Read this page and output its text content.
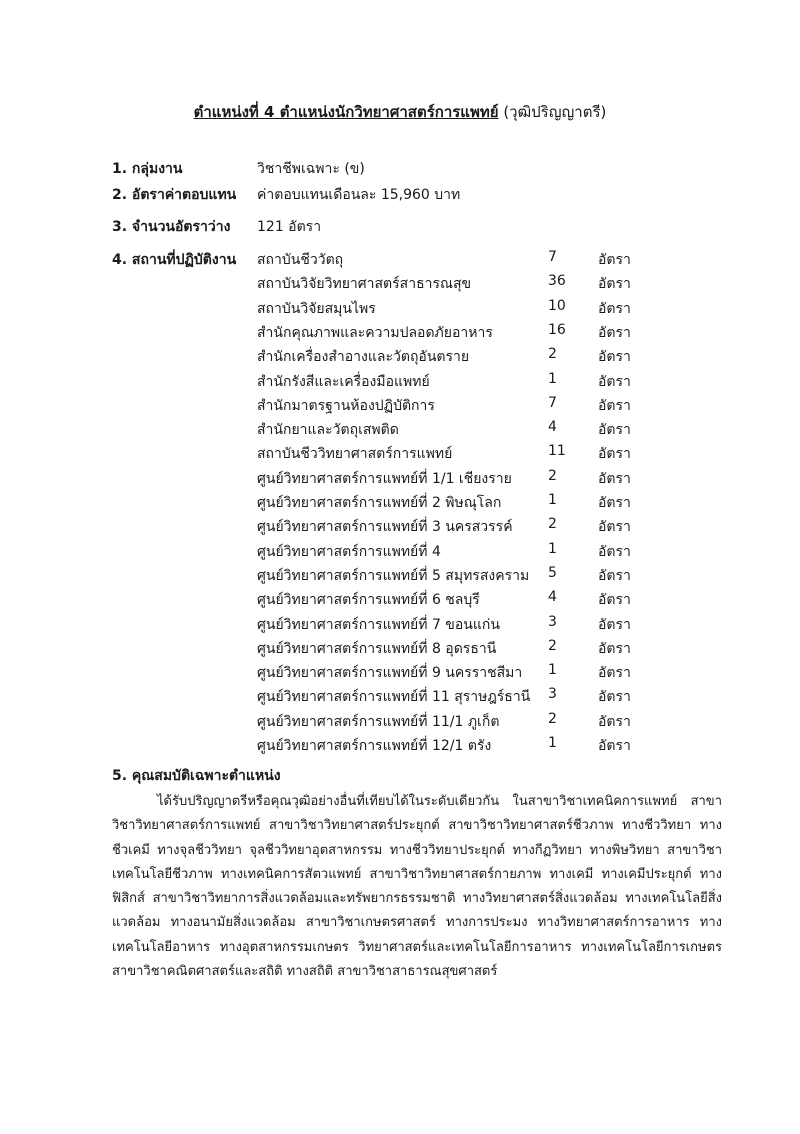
ตำแหน่งที่ 4 ตำแหน่งนักวิทยาศาสตร์การแพทย์ (วุฒิปริญญาตรี)
1. กลุ่มงาน	วิชาชีพเฉพาะ (ข)
2. อัตราค่าตอบแทน ค่าตอบแทนเดือนละ 15,960 บาท
3. จำนวนอัตราว่าง 121 อัตรา
4. สถานที่ปฏิบัติงาน สถาบันชีววัตถุ	7	อัตรา
สถาบันวิจัยวิทยาศาสตร์สาธารณสุข	36 อัตรา
สถาบันวิจัยสมุนไพร	10 อัตรา
สำนักคุณภาพและความปลอดภัยอาหาร	16 อัตรา
สำนักเครื่องสำอางและวัตถุอันตราย	2	อัตรา
สำนักรังสีและเครื่องมือแพทย์	1	อัตรา
สำนักมาตรฐานห้องปฏิบัติการ	7	อัตรา
สำนักยาและวัตถุเสพติด	4	อัตรา
สถาบันชีววิทยาศาสตร์การแพทย์	11 อัตรา
ศูนย์วิทยาศาสตร์การแพทย์ที่ 1/1 เชียงราย	2	อัตรา
ศูนย์วิทยาศาสตร์การแพทย์ที่ 2 พิษณุโลก	1	อัตรา
ศูนย์วิทยาศาสตร์การแพทย์ที่ 3 นครสวรรค์	2	อัตรา
ศูนย์วิทยาศาสตร์การแพทย์ที่ 4	1	อัตรา
ศูนย์วิทยาศาสตร์การแพทย์ที่ 5 สมุทรสงคราม 5	อัตรา
ศูนย์วิทยาศาสตร์การแพทย์ที่ 6 ชลบุรี	4	อัตรา
ศูนย์วิทยาศาสตร์การแพทย์ที่ 7 ขอนแก่น	3	อัตรา
ศูนย์วิทยาศาสตร์การแพทย์ที่ 8 อุดรธานี	2	อัตรา
ศูนย์วิทยาศาสตร์การแพทย์ที่ 9 นครราชสีมา 1	อัตรา
ศูนย์วิทยาศาสตร์การแพทย์ที่ 11 สุราษฎร์ธานี 3	อัตรา
ศูนย์วิทยาศาสตร์การแพทย์ที่ 11/1 ภูเก็ต	2	อัตรา
ศูนย์วิทยาศาสตร์การแพทย์ที่ 12/1 ตรัง	1	อัตรา
5. คุณสมบัติเฉพาะตำแหน่ง
ได้รับปริญญาตรีหรือคุณวุฒิอย่างอื่นที่เทียบได้ในระดับเดียวกัน ในสาขาวิชาเทคนิคการแพทย์ สาขาวิชาวิทยาศาสตร์การแพทย์ สาขาวิชาวิทยาศาสตร์ประยุกต์ สาขาวิชาวิทยาศาสตร์ชีวภาพ ทางชีววิทยา ทางชีวเคมี ทางจุลชีววิทยา จุลชีววิทยาอุตสาหกรรม ทางชีววิทยาประยุกต์ ทางกีฏวิทยา ทางพิษวิทยา สาขาวิชาเทคโนโลยีชีวภาพ ทางเทคนิคการสัตวแพทย์ สาขาวิชาวิทยาศาสตร์กายภาพ ทางเคมี ทางเคมีประยุกต์ ทางฟิสิกส์ สาขาวิชาวิทยาการสิ่งแวดล้อมและทรัพยากรธรรมชาติ ทางวิทยาศาสตร์สิ่งแวดล้อม ทางเทคโนโลยีสิ่งแวดล้อม ทางอนามัยสิ่งแวดล้อม สาขาวิชาเกษตรศาสตร์ ทางการประมง ทางวิทยาศาสตร์การอาหาร ทางเทคโนโลยีอาหาร ทางอุตสาหกรรมเกษตร วิทยาศาสตร์และเทคโนโลยีการอาหาร ทางเทคโนโลยีการเกษตร สาขาวิชาคณิตศาสตร์และสถิติ ทางสถิติ สาขาวิชาสาธารณสุขศาสตร์
